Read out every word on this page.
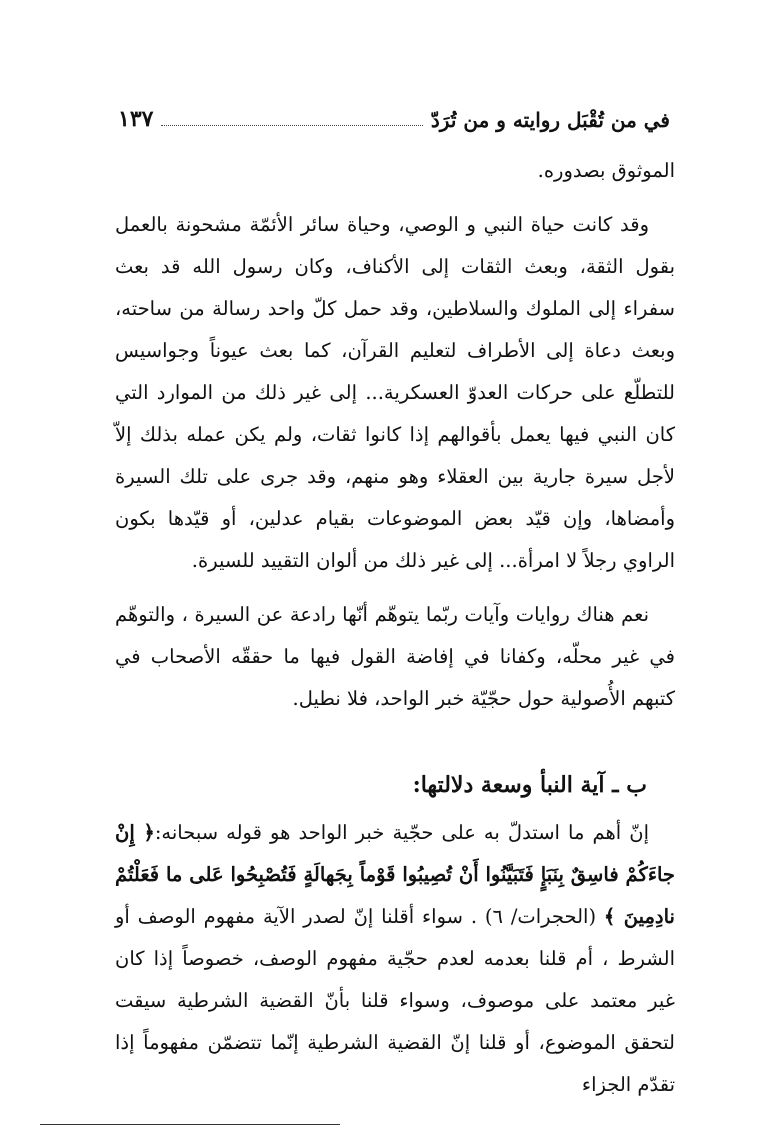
في من تُقْبَل روايته و من تُرَدّ
١٣٧

الموثوق بصدوره.

وقد كانت حياة النبي و الوصي، وحياة سائر الأئمّة مشحونة بالعمل بقول الثقة، وبعث الثقات إلى الأكناف، وكان رسول الله قد بعث سفراء إلى الملوك والسلاطين، وقد حمل كلّ واحد رسالة من ساحته، وبعث دعاة إلى الأطراف لتعليم القرآن، كما بعث عيوناً وجواسيس للتطلّع على حركات العدوّ العسكرية... إلى غير ذلك من الموارد التي كان النبي فيها يعمل بأقوالهم إذا كانوا ثقات، ولم يكن عمله بذلك إلاّ لأجل سيرة جارية بين العقلاء وهو منهم، وقد جرى على تلك السيرة وأمضاها، وإن قيّد بعض الموضوعات بقيام عدلين، أو قيّدها بكون الراوي رجلاً لا امرأة... إلى غير ذلك من ألوان التقييد للسيرة.

نعم هناك روايات وآيات ربّما يتوهّم أنّها رادعة عن السيرة ، والتوهّم في غير محلّه، وكفانا في إفاضة القول فيها ما حققّه الأصحاب في كتبهم الأُصولية حول حجّيّة خبر الواحد، فلا نطيل.

ب ـ آية النبأ وسعة دلالتها:

إنّ أهم ما استدلّ به على حجّية خبر الواحد هو قوله سبحانه:﴿ إِنْ جاءَكُمْ فاسِقٌ بِنَبَإٍ فَتَبَيَّنُوا أَنْ تُصِيبُوا قَوْماً بِجَهالَةٍ فَتُصْبِحُوا عَلى ما فَعَلْتُمْ نادِمِينَ ﴾ (الحجرات/ ٦) . سواء أقلنا إنّ لصدر الآية مفهوم الوصف أو الشرط ، أم قلنا بعدمه لعدم حجّية مفهوم الوصف، خصوصاً إذا كان غير معتمد على موصوف، وسواء قلنا بأنّ القضية الشرطية سيقت لتحقق الموضوع، أو قلنا إنّ القضية الشرطية إنّما تتضمّن مفهوماً إذا تقدّم الجزاء
